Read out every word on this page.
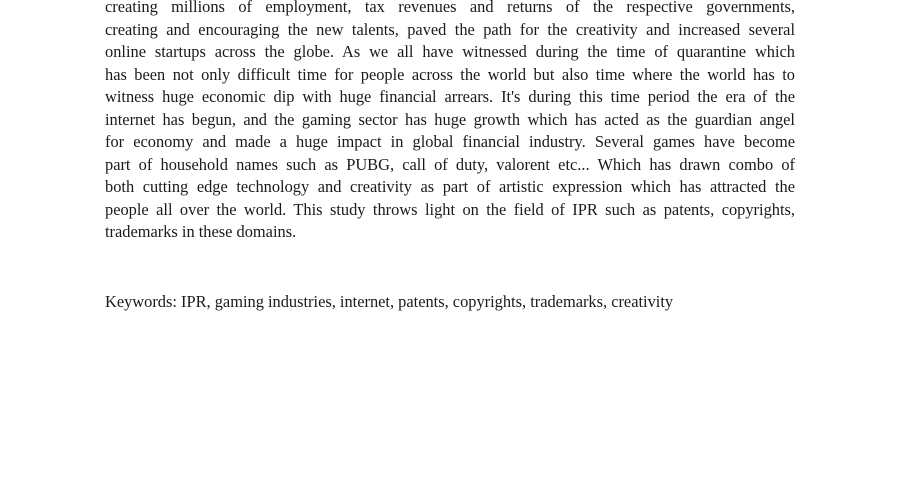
creating millions of employment, tax revenues and returns of the respective governments,
creating and encouraging the new talents, paved the path for the creativity and increased several
online startups across the globe. As we all have witnessed during the time of quarantine which
has been not only difficult time for people across the world but also time where the world has to
witness huge economic dip with huge financial arrears. It's during this time period the era of the
internet has begun, and the gaming sector has huge growth which has acted as the guardian angel
for economy and made a huge impact in global financial industry. Several games have become
part of household names such as PUBG, call of duty, valorent etc... Which has drawn combo of
both cutting edge technology and creativity as part of artistic expression which has attracted the
people all over the world. This study throws light on the field of IPR such as patents, copyrights,
trademarks in these domains.

Keywords: IPR, gaming industries, internet, patents, copyrights, trademarks, creativity
